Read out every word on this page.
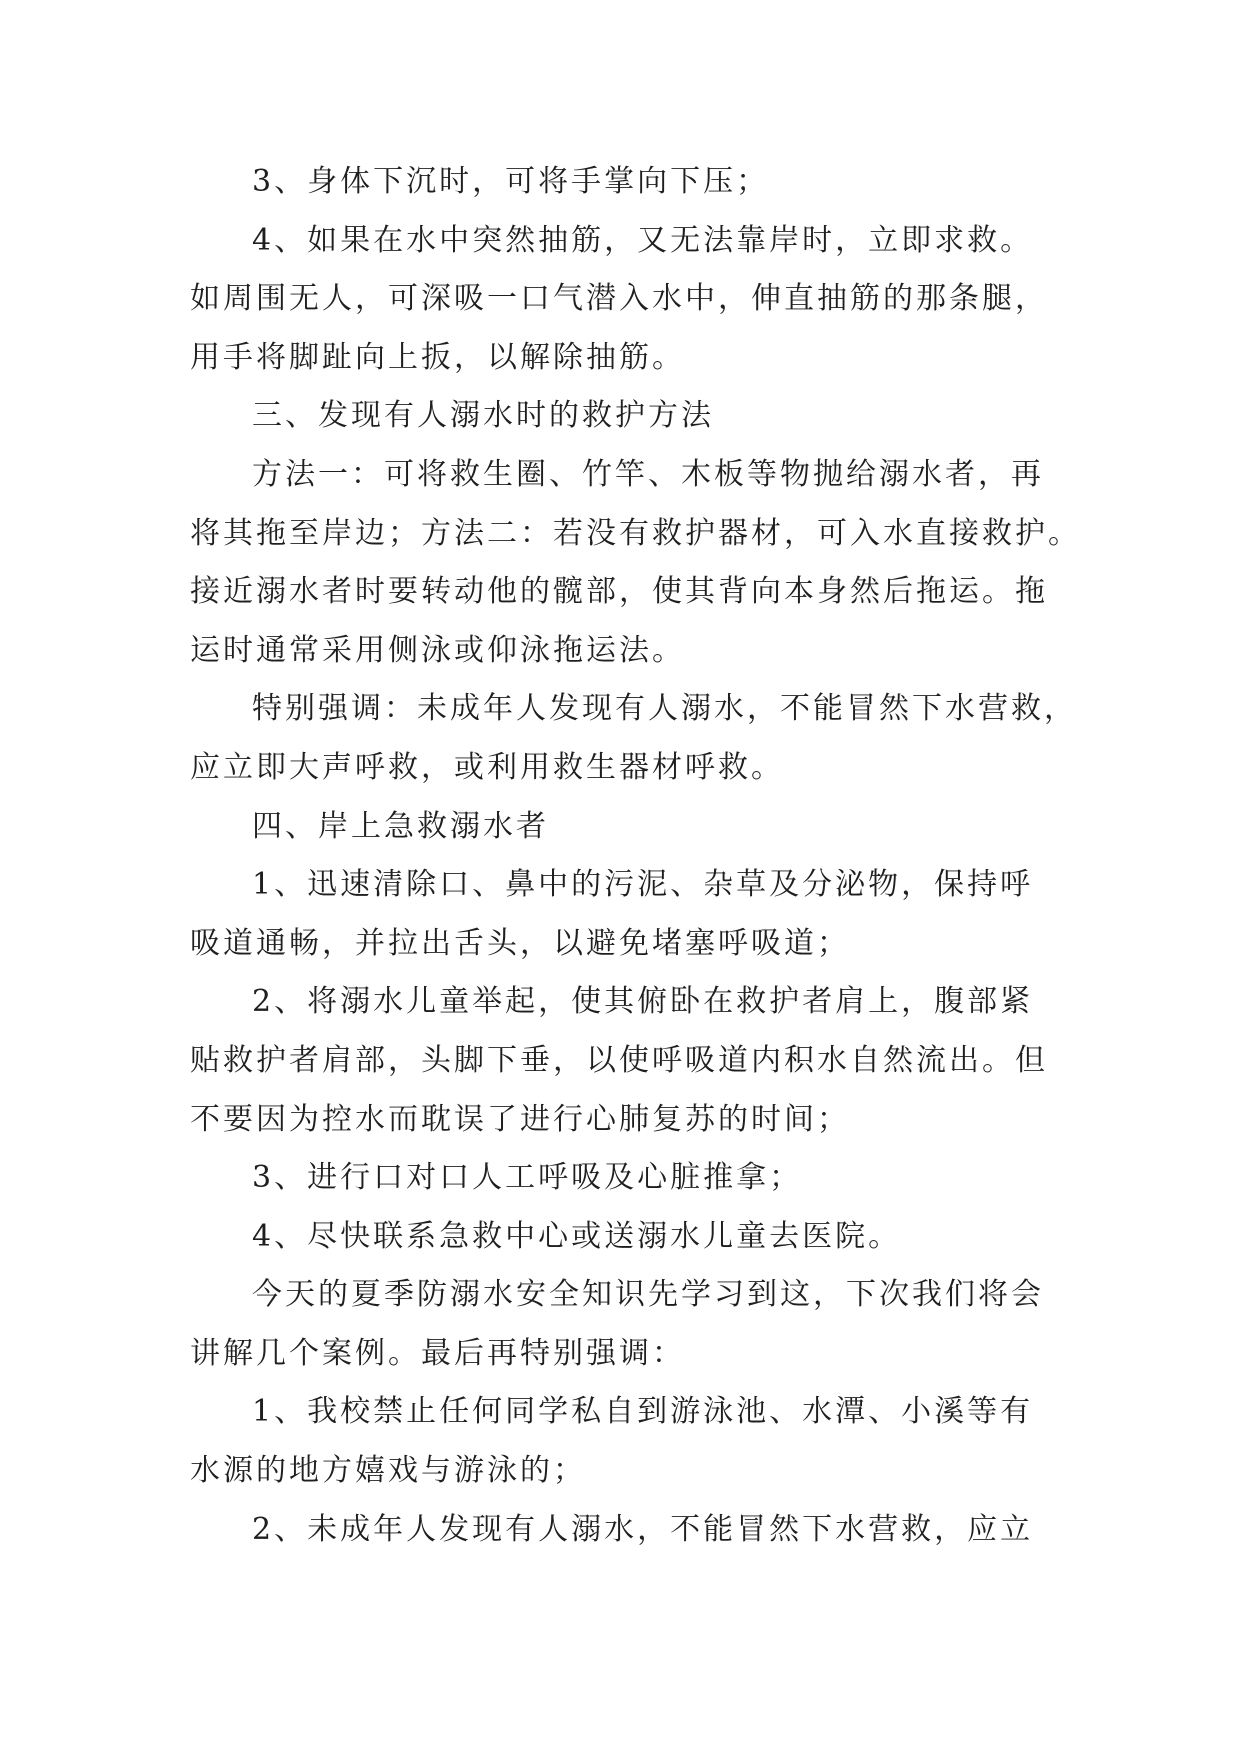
3、身体下沉时，可将手掌向下压；
4、如果在水中突然抽筋，又无法靠岸时，立即求救。
如周围无人，可深吸一口气潜入水中，伸直抽筋的那条腿，
用手将脚趾向上扳，以解除抽筋。
三、发现有人溺水时的救护方法
方法一：可将救生圈、竹竿、木板等物抛给溺水者，再
将其拖至岸边；方法二：若没有救护器材，可入水直接救护。
接近溺水者时要转动他的髋部，使其背向本身然后拖运。拖
运时通常采用侧泳或仰泳拖运法。
特别强调：未成年人发现有人溺水，不能冒然下水营救，
应立即大声呼救，或利用救生器材呼救。
四、岸上急救溺水者
1、迅速清除口、鼻中的污泥、杂草及分泌物，保持呼
吸道通畅，并拉出舌头，以避免堵塞呼吸道；
2、将溺水儿童举起，使其俯卧在救护者肩上，腹部紧
贴救护者肩部，头脚下垂，以使呼吸道内积水自然流出。但
不要因为控水而耽误了进行心肺复苏的时间；
3、进行口对口人工呼吸及心脏推拿；
4、尽快联系急救中心或送溺水儿童去医院。
今天的夏季防溺水安全知识先学习到这，下次我们将会
讲解几个案例。最后再特别强调：
1、我校禁止任何同学私自到游泳池、水潭、小溪等有
水源的地方嬉戏与游泳的；
2、未成年人发现有人溺水，不能冒然下水营救，应立
